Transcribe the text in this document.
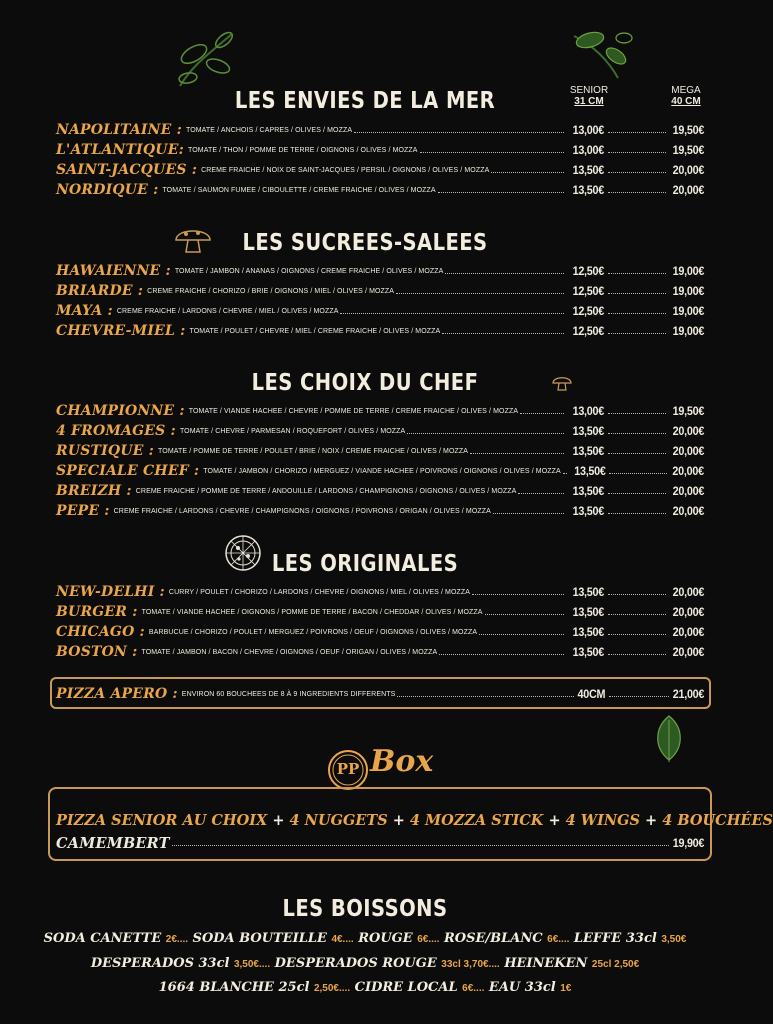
SENIOR
31 CM
MEGA
40 CM
LES ENVIES DE LA MER
LES SUCREES-SALEES
LES CHOIX DU CHEF
LES ORIGINALES
NAPOLITAINE : TOMATE / ANCHOIS / CAPRES / OLIVES / MOZZA	13,00€	19,50€
L'ATLANTIQUE: TOMATE / THON / POMME DE TERRE / OIGNONS / OLIVES / MOZZA	13,00€	19,50€
SAINT-JACQUES : CREME FRAICHE / NOIX DE SAINT-JACQUES / PERSIL / OIGNONS / OLIVES / MOZZA	13,50€	20,00€
NORDIQUE : TOMATE / SAUMON FUMEE / CIBOULETTE / CREME FRAICHE / OLIVES / MOZZA	13,50€	20,00€
HAWAIENNE : TOMATE / JAMBON / ANANAS / OIGNONS / CREME FRAICHE / OLIVES / MOZZA	12,50€	19,00€
BRIARDE : CREME FRAICHE / CHORIZO / BRIE / OIGNONS / MIEL / OLIVES / MOZZA	12,50€	19,00€
MAYA : CREME FRAICHE / LARDONS / CHEVRE / MIEL / OLIVES / MOZZA	12,50€	19,00€
CHEVRE-MIEL : TOMATE / POULET / CHEVRE / MIEL / CREME FRAICHE / OLIVES / MOZZA	12,50€	19,00€
CHAMPIONNE : TOMATE / VIANDE HACHEE / CHEVRE / POMME DE TERRE / CREME FRAICHE / OLIVES / MOZZA	13,00€	19,50€
4 FROMAGES : TOMATE / CHEVRE / PARMESAN / ROQUEFORT / OLIVES / MOZZA	13,50€	20,00€
RUSTIQUE : TOMATE / POMME DE TERRE / POULET / BRIE / NOIX / CREME FRAICHE / OLIVES / MOZZA	13,50€	20,00€
SPECIALE CHEF : TOMATE / JAMBON / CHORIZO / MERGUEZ / VIANDE HACHEE / POIVRONS / OIGNONS / OLIVES / MOZZA 13,50€	20,00€
BREIZH : CREME FRAICHE / POMME DE TERRE / ANDOUILLE / LARDONS / CHAMPIGNONS / OIGNONS / OLIVES / MOZZA	13,50€	20,00€
PEPE : CREME FRAICHE / LARDONS / CHEVRE / CHAMPIGNONS / OIGNONS / POIVRONS / ORIGAN / OLIVES / MOZZA	13,50€	20,00€
NEW-DELHI : CURRY / POULET / CHORIZO / LARDONS / CHEVRE / OIGNONS / MIEL / OLIVES / MOZZA	13,50€	20,00€
BURGER : TOMATE / VIANDE HACHEE / OIGNONS / POMME DE TERRE / BACON / CHEDDAR / OLIVES / MOZZA	13,50€	20,00€
CHICAGO : BARBUCUE / CHORIZO / POULET / MERGUEZ / POIVRONS / OEUF / OIGNONS / OLIVES / MOZZA	13,50€	20,00€
BOSTON : TOMATE / JAMBON / BACON / CHEVRE / OIGNONS / OEUF / ORIGAN / OLIVES / MOZZA	13,50€	20,00€
PIZZA APERO : ENVIRON 60 BOUCHEES DE 8 À 9 INGREDIENTS DIFFERENTS	40CM	21,00€
PP Box
PIZZA SENIOR AU CHOIX + 4 NUGGETS + 4 MOZZA STICK + 4 WINGS + 4 BOUCHÉES
CAMEMBERT	19,90€
LES BOISSONS
SODA CANETTE 2€.... SODA BOUTEILLE 4€.... ROUGE 6€.... ROSE/BLANC 6€.... LEFFE 33cl 3,50€
DESPERADOS 33cl 3,50€.... DESPERADOS ROUGE 33cl 3,70€.... HEINEKEN 25cl 2,50€
1664 BLANCHE 25cl 2,50€.... CIDRE LOCAL 6€.... EAU 33cl 1€
